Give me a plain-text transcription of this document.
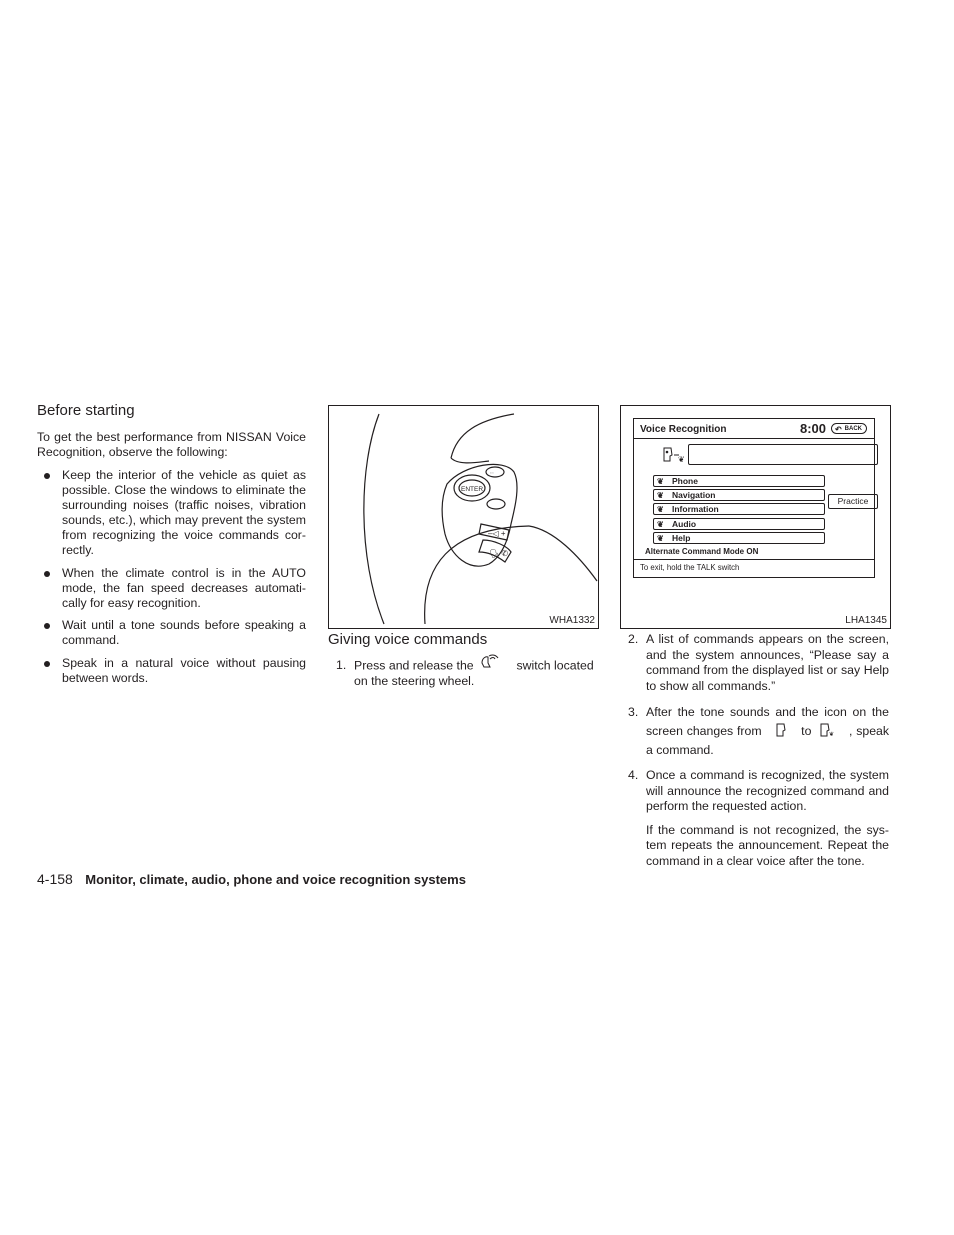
Before starting

To get the best performance from NISSAN Voice Recognition, observe the following:

Keep the interior of the vehicle as quiet as possible. Close the windows to eliminate the surrounding noises (traffic noises, vibration sounds, etc.), which may prevent the system from recognizing the voice commands cor-rectly.
When the climate control is in the AUTO mode, the fan speed decreases automati-cally for easy recognition.
Wait until a tone sounds before speaking a command.
Speak in a natural voice without pausing between words.
ENTER
◦◦◦
–◁ +
🗣 ✆
WHA1332
Giving voice commands
1. Press and release the	switch located on the steering wheel.
Voice Recognition	8:00 ↶ BACK
❦
❦ Phone
❦ Navigation
❦ Information
❦ Audio
❦ Help
Practice
Alternate Command Mode ON
To exit, hold the TALK switch
LHA1345
2. A list of commands appears on the screen, and the system announces, “Please say a command from the displayed list or say Help to show all commands.”
3. After the tone sounds and the icon on the screen changes from	to	❦ , speak a command.
4. Once a command is recognized, the system will announce the recognized command and perform the requested action.
If the command is not recognized, the sys-tem repeats the announcement. Repeat the command in a clear voice after the tone.
4-158 Monitor, climate, audio, phone and voice recognition systems
